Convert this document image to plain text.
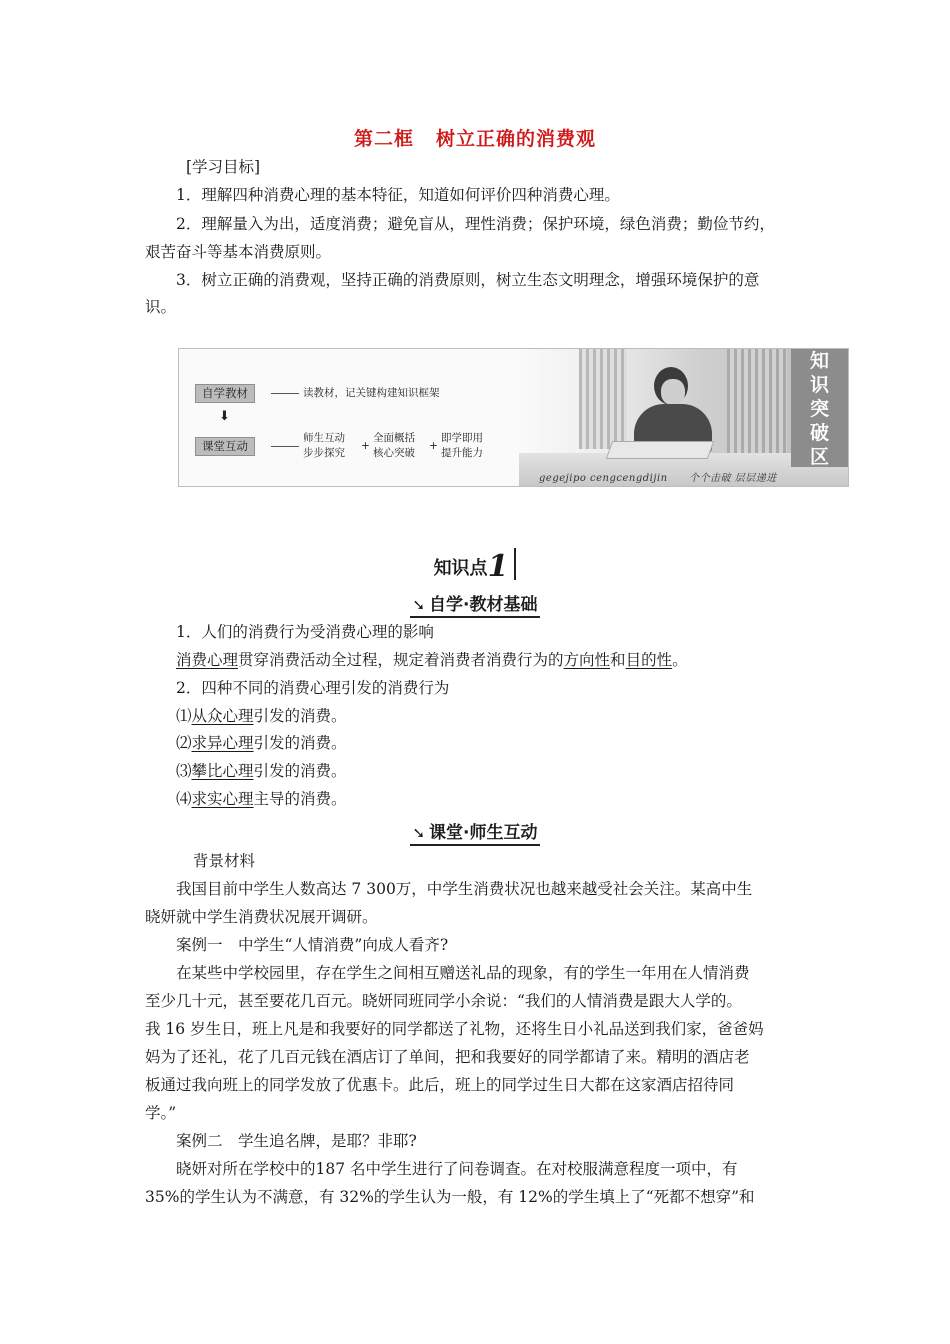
第二框 树立正确的消费观
[学习目标]
1．理解四种消费心理的基本特征，知道如何评价四种消费心理。
2．理解量入为出，适度消费；避免盲从，理性消费；保护环境，绿色消费；勤俭节约，
艰苦奋斗等基本消费原则。
3．树立正确的消费观，坚持正确的消费原则，树立生态文明理念，增强环境保护的意
识。
自学教材	读教材，记关键构建知识框架
⬇
课堂互动
师生互动
步步探究
+
全面概括
核心突破
+
即学即用
提升能力
知
识
突
破
区
gegejipo cengcengdijin 个个击破 层层递进
知识点1
➘ 自学·教材基础
1．人们的消费行为受消费心理的影响
消费心理贯穿消费活动全过程，规定着消费者消费行为的方向性和目的性。
2．四种不同的消费心理引发的消费行为
⑴从众心理引发的消费。
⑵求异心理引发的消费。
⑶攀比心理引发的消费。
⑷求实心理主导的消费。
➘ 课堂·师生互动
背景材料
我国目前中学生人数高达 7 300万，中学生消费状况也越来越受社会关注。某高中生
晓妍就中学生消费状况展开调研。
案例一　中学生“人情消费”向成人看齐?
在某些中学校园里，存在学生之间相互赠送礼品的现象，有的学生一年用在人情消费
至少几十元，甚至要花几百元。晓妍同班同学小余说：“我们的人情消费是跟大人学的。
我 16 岁生日，班上凡是和我要好的同学都送了礼物，还将生日小礼品送到我们家，爸爸妈
妈为了还礼，花了几百元钱在酒店订了单间，把和我要好的同学都请了来。精明的酒店老
板通过我向班上的同学发放了优惠卡。此后，班上的同学过生日大都在这家酒店招待同
学。”
案例二　学生追名牌，是耶？非耶?
晓妍对所在学校中的187 名中学生进行了问卷调查。在对校服满意程度一项中，有
35%的学生认为不满意，有 32%的学生认为一般，有 12%的学生填上了“死都不想穿”和
